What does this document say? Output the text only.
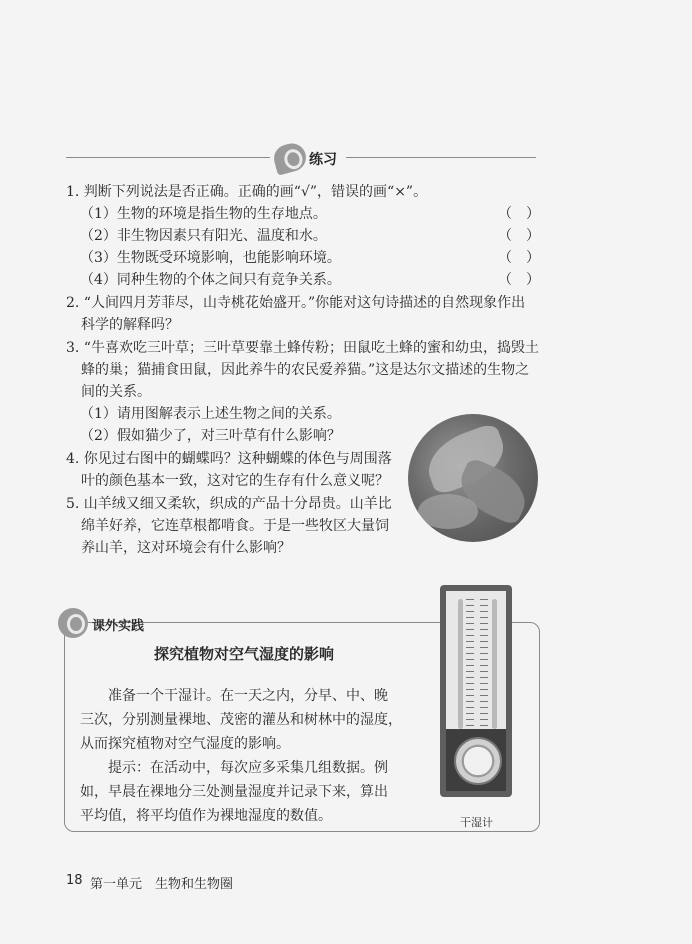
练习
1. 判断下列说法是否正确。正确的画“√”，错误的画“×”。
（1）生物的环境是指生物的生存地点。	（　）
（2）非生物因素只有阳光、温度和水。	（　）
（3）生物既受环境影响，也能影响环境。	（　）
（4）同种生物的个体之间只有竞争关系。	（　）
2. “人间四月芳菲尽，山寺桃花始盛开。”你能对这句诗描述的自然现象作出
科学的解释吗？
3. “牛喜欢吃三叶草；三叶草要靠土蜂传粉；田鼠吃土蜂的蜜和幼虫，捣毁土
蜂的巢；猫捕食田鼠，因此养牛的农民爱养猫。”这是达尔文描述的生物之
间的关系。
（1）请用图解表示上述生物之间的关系。
（2）假如猫少了，对三叶草有什么影响？
4. 你见过右图中的蝴蝶吗？这种蝴蝶的体色与周围落
叶的颜色基本一致，这对它的生存有什么意义呢？
5. 山羊绒又细又柔软，织成的产品十分昂贵。山羊比
绵羊好养，它连草根都啃食。于是一些牧区大量饲
养山羊，这对环境会有什么影响？
课外实践
探究植物对空气湿度的影响
准备一个干湿计。在一天之内，分早、中、晚
三次，分别测量裸地、茂密的灌丛和树林中的湿度，
从而探究植物对空气湿度的影响。
提示：在活动中，每次应多采集几组数据。例
如，早晨在裸地分三处测量湿度并记录下来，算出
平均值，将平均值作为裸地湿度的数值。	干湿计
18 第一单元　生物和生物圈
